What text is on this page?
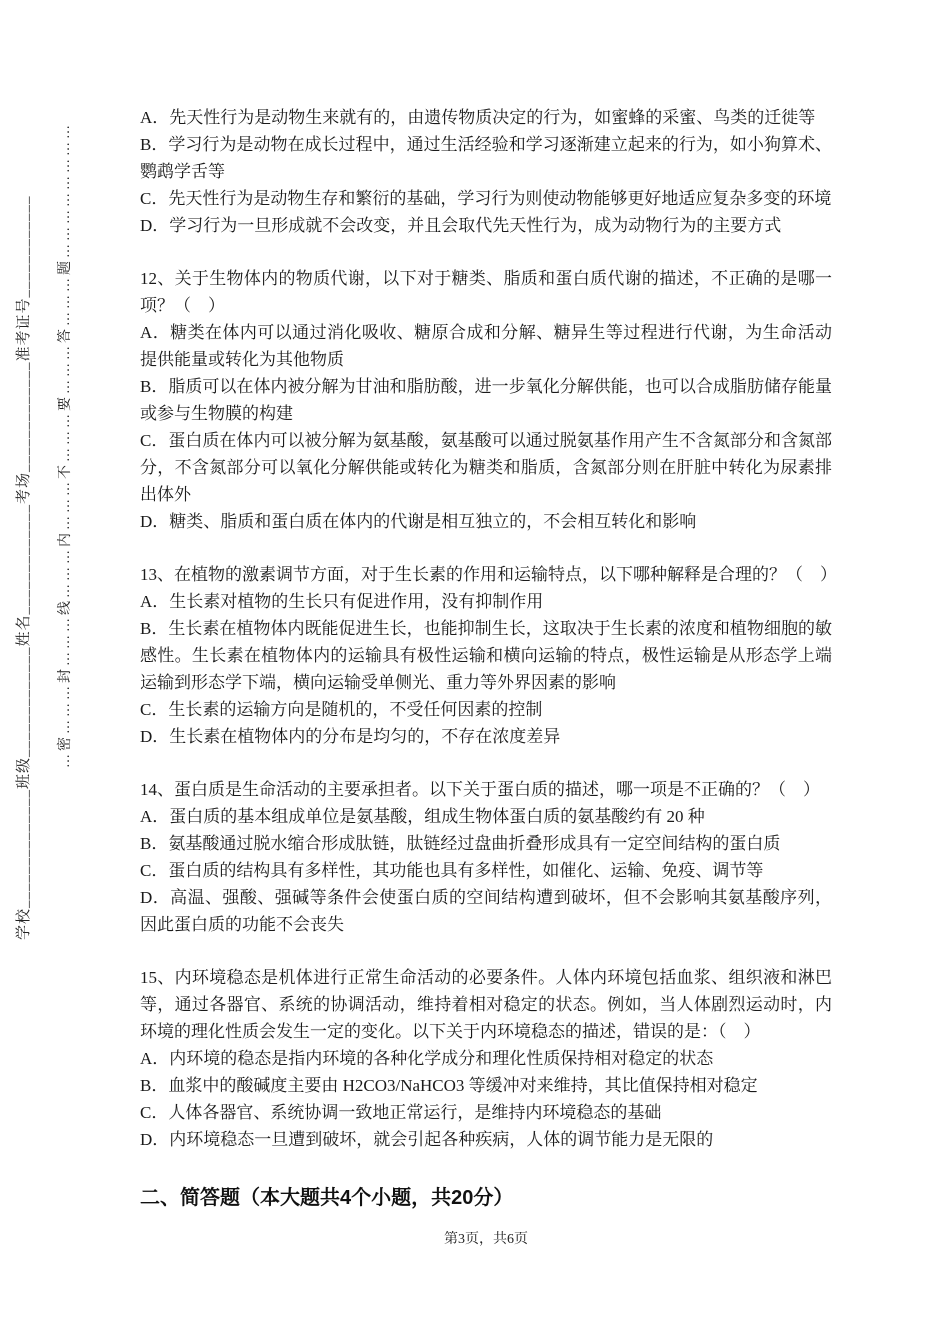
学校______________班级_____________姓名_____________考场_____________准考证号____________	…密………封………线………内………不………要………答………题……………………

A．先天性行为是动物生来就有的，由遗传物质决定的行为，如蜜蜂的采蜜、鸟类的迁徙等

B．学习行为是动物在成长过程中，通过生活经验和学习逐渐建立起来的行为，如小狗算术、鹦鹉学舌等

C．先天性行为是动物生存和繁衍的基础，学习行为则使动物能够更好地适应复杂多变的环境

D．学习行为一旦形成就不会改变，并且会取代先天性行为，成为动物行为的主要方式

12、关于生物体内的物质代谢，以下对于糖类、脂质和蛋白质代谢的描述，不正确的是哪一项？（　）

A．糖类在体内可以通过消化吸收、糖原合成和分解、糖异生等过程进行代谢，为生命活动提供能量或转化为其他物质

B．脂质可以在体内被分解为甘油和脂肪酸，进一步氧化分解供能，也可以合成脂肪储存能量或参与生物膜的构建

C．蛋白质在体内可以被分解为氨基酸，氨基酸可以通过脱氨基作用产生不含氮部分和含氮部分，不含氮部分可以氧化分解供能或转化为糖类和脂质，含氮部分则在肝脏中转化为尿素排出体外

D．糖类、脂质和蛋白质在体内的代谢是相互独立的，不会相互转化和影响

13、在植物的激素调节方面，对于生长素的作用和运输特点，以下哪种解释是合理的？（　）

A．生长素对植物的生长只有促进作用，没有抑制作用

B．生长素在植物体内既能促进生长，也能抑制生长，这取决于生长素的浓度和植物细胞的敏感性。生长素在植物体内的运输具有极性运输和横向运输的特点，极性运输是从形态学上端运输到形态学下端，横向运输受单侧光、重力等外界因素的影响

C．生长素的运输方向是随机的，不受任何因素的控制

D．生长素在植物体内的分布是均匀的，不存在浓度差异

14、蛋白质是生命活动的主要承担者。以下关于蛋白质的描述，哪一项是不正确的？（　）

A．蛋白质的基本组成单位是氨基酸，组成生物体蛋白质的氨基酸约有 20 种

B．氨基酸通过脱水缩合形成肽链，肽链经过盘曲折叠形成具有一定空间结构的蛋白质

C．蛋白质的结构具有多样性，其功能也具有多样性，如催化、运输、免疫、调节等

D．高温、强酸、强碱等条件会使蛋白质的空间结构遭到破坏，但不会影响其氨基酸序列，因此蛋白质的功能不会丧失

15、内环境稳态是机体进行正常生命活动的必要条件。人体内环境包括血浆、组织液和淋巴等，通过各器官、系统的协调活动，维持着相对稳定的状态。例如，当人体剧烈运动时，内环境的理化性质会发生一定的变化。以下关于内环境稳态的描述，错误的是：（　）

A．内环境的稳态是指内环境的各种化学成分和理化性质保持相对稳定的状态

B．血浆中的酸碱度主要由 H2CO3/NaHCO3 等缓冲对来维持，其比值保持相对稳定

C．人体各器官、系统协调一致地正常运行，是维持内环境稳态的基础

D．内环境稳态一旦遭到破坏，就会引起各种疾病，人体的调节能力是无限的

二、简答题（本大题共4个小题，共20分）
第3页，共6页
